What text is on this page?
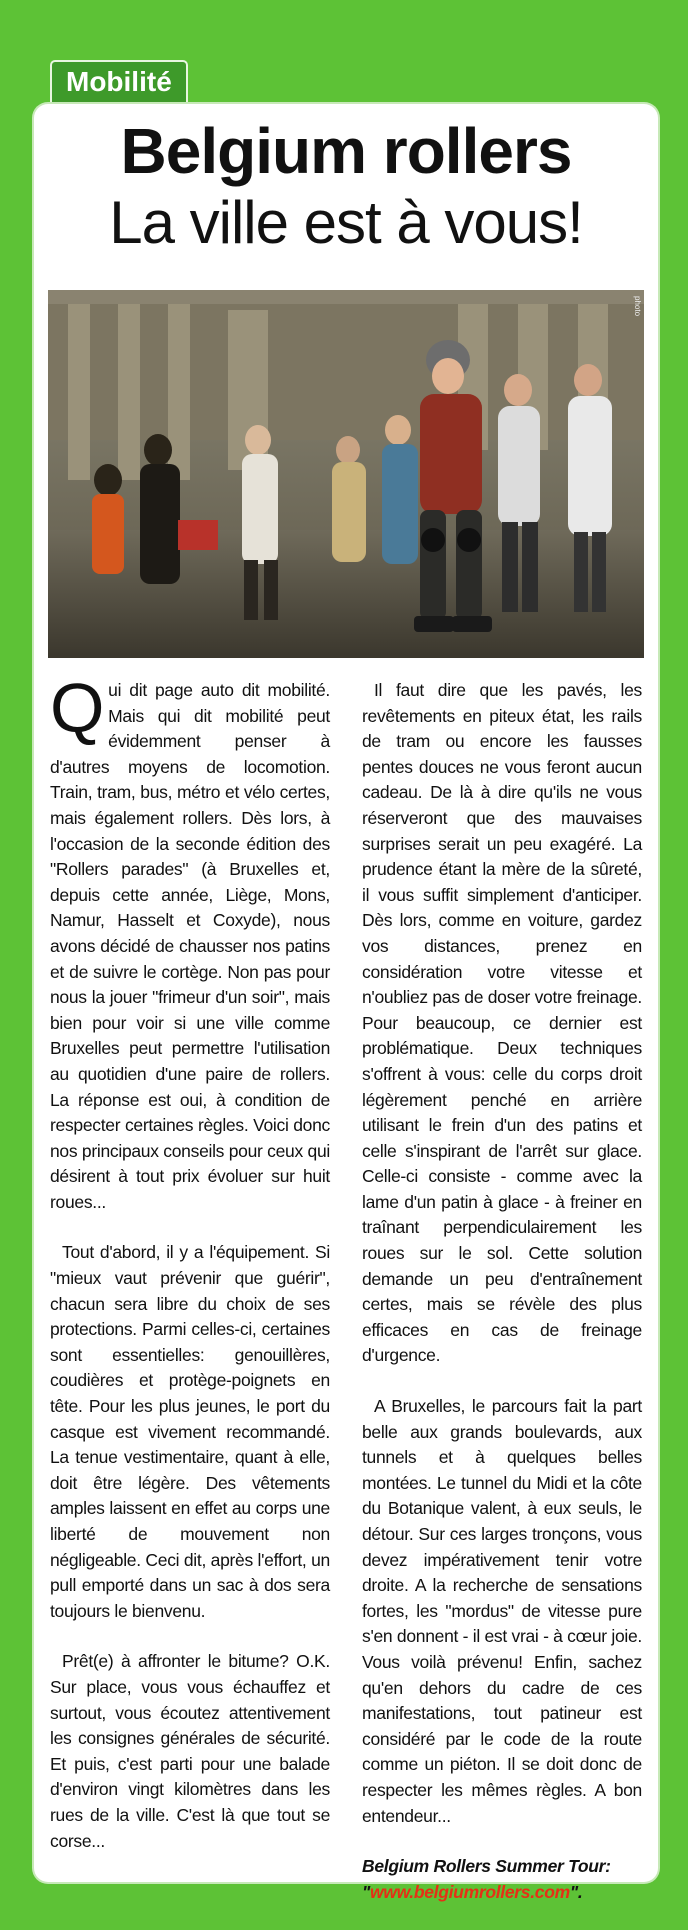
Mobilité
Belgium rollers
La ville est à vous!
photo

Qui dit page auto dit mobilité. Mais qui dit mobilité peut évidemment penser à d'autres moyens de locomotion. Train, tram, bus, métro et vélo certes, mais également rollers. Dès lors, à l'occasion de la seconde édition des "Rollers parades" (à Bruxelles et, depuis cette année, Liège, Mons, Namur, Hasselt et Coxyde), nous avons décidé de chausser nos patins et de suivre le cortège. Non pas pour nous la jouer "frimeur d'un soir", mais bien pour voir si une ville comme Bruxelles peut permettre l'utilisation au quotidien d'une paire de rollers. La réponse est oui, à condition de respecter certaines règles. Voici donc nos principaux conseils pour ceux qui désirent à tout prix évoluer sur huit roues...

Tout d'abord, il y a l'équipement. Si "mieux vaut prévenir que guérir", chacun sera libre du choix de ses protections. Parmi celles-ci, certaines sont essentielles: genouillères, coudières et protège-poignets en tête. Pour les plus jeunes, le port du casque est vivement recommandé. La tenue vestimentaire, quant à elle, doit être légère. Des vêtements amples laissent en effet au corps une liberté de mouvement non négligeable. Ceci dit, après l'effort, un pull emporté dans un sac à dos sera toujours le bienvenu.

Prêt(e) à affronter le bitume? O.K. Sur place, vous vous échauffez et surtout, vous écoutez attentivement les consignes générales de sécurité. Et puis, c'est parti pour une balade d'environ vingt kilomètres dans les rues de la ville. C'est là que tout se corse...

Il faut dire que les pavés, les revêtements en piteux état, les rails de tram ou encore les fausses pentes douces ne vous feront aucun cadeau. De là à dire qu'ils ne vous réserveront que des mauvaises surprises serait un peu exagéré. La prudence étant la mère de la sûreté, il vous suffit simplement d'anticiper. Dès lors, comme en voiture, gardez vos distances, prenez en considération votre vitesse et n'oubliez pas de doser votre freinage. Pour beaucoup, ce dernier est problématique. Deux techniques s'offrent à vous: celle du corps droit légèrement penché en arrière utilisant le frein d'un des patins et celle s'inspirant de l'arrêt sur glace. Celle-ci consiste - comme avec la lame d'un patin à glace - à freiner en traînant perpendiculairement les roues sur le sol. Cette solution demande un peu d'entraînement certes, mais se révèle des plus efficaces en cas de freinage d'urgence.

A Bruxelles, le parcours fait la part belle aux grands boulevards, aux tunnels et à quelques belles montées. Le tunnel du Midi et la côte du Botanique valent, à eux seuls, le détour. Sur ces larges tronçons, vous devez impérativement tenir votre droite. A la recherche de sensations fortes, les "mordus" de vitesse pure s'en donnent - il est vrai - à cœur joie. Vous voilà prévenu! Enfin, sachez qu'en dehors du cadre de ces manifestations, tout patineur est considéré par le code de la route comme un piéton. Il se doit donc de respecter les mêmes règles. A bon entendeur...

Belgium Rollers Summer Tour:
"www.belgiumrollers.com".
